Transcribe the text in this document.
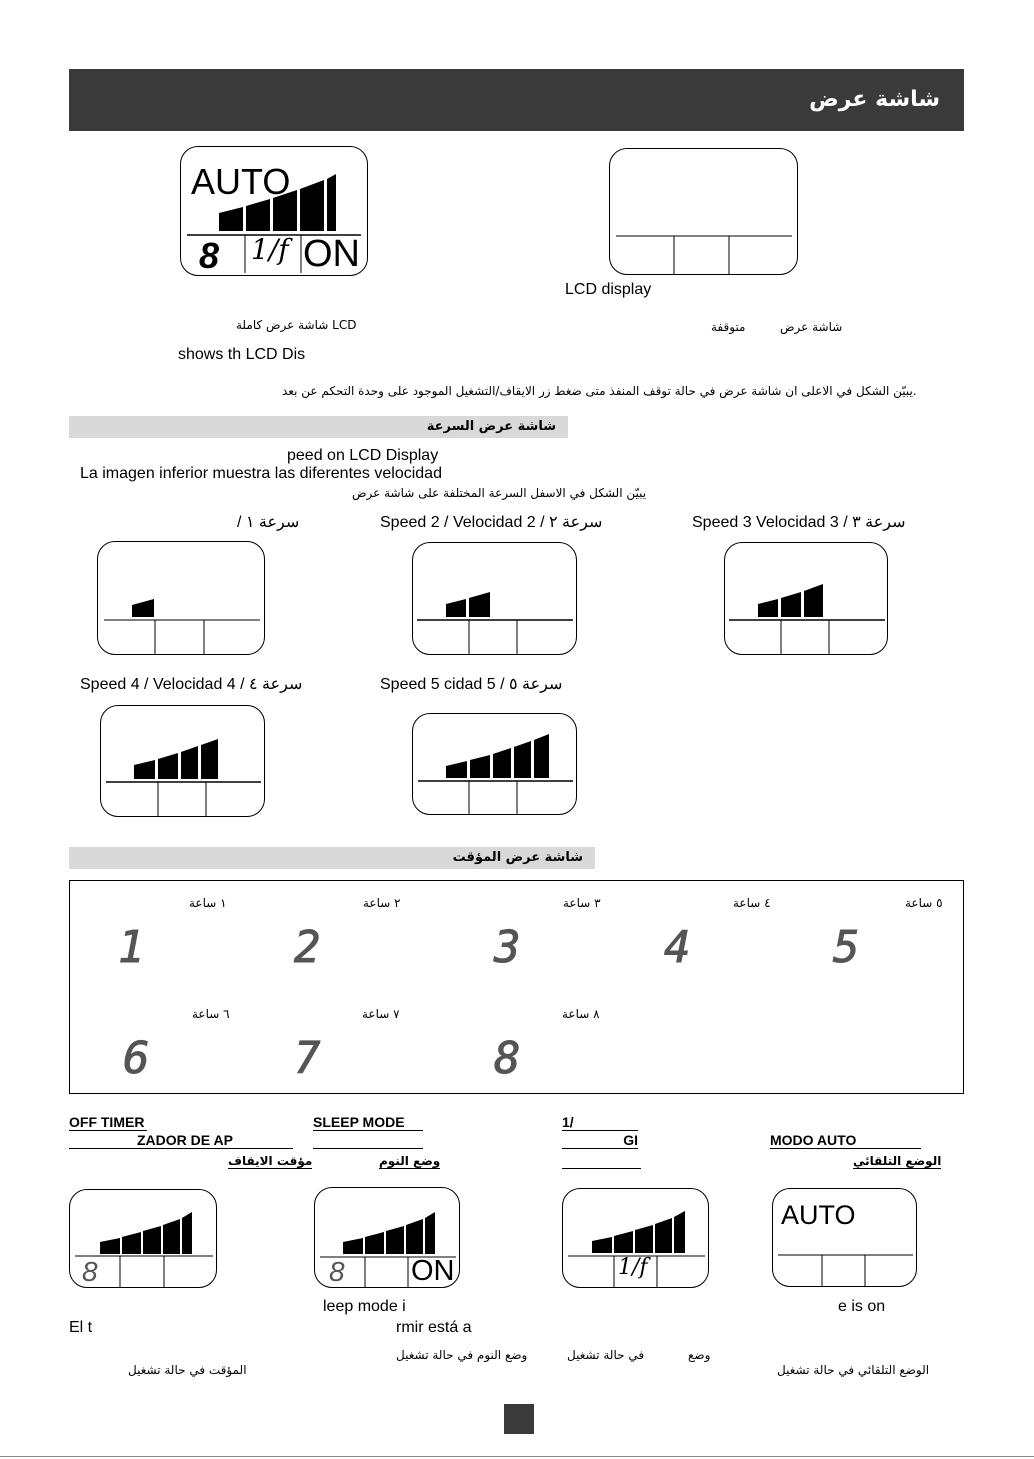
شاشة عرض
AUTO
8 1/f ON
LCD display
شاشة عرض كاملة LCD	شاشة عرض
متوقفة
shows th LCD Dis
يبيّن الشكل في الاعلى ان شاشة عرض في حالة توقف المنفذ متى ضغط زر الايقاف/التشغيل الموجود على وحدة التحكم عن بعد.
شاشة عرض السرعة
peed on LCD Display
La imagen inferior muestra las diferentes velocidad
يبيّن الشكل في الاسفل السرعة المختلفة على شاشة عرض
/ سرعة ١	Speed 2 / Velocidad 2 / سرعة ٢	Speed 3 Velocidad 3 / سرعة ٣
Speed 4 / Velocidad 4 / سرعة ٤	Speed 5 cidad 5 / سرعة ٥
شاشة عرض المؤقت
١ ساعة	٢ ساعة	٣ ساعة	٤ ساعة	٥ ساعة
٦ ساعة	٧ ساعة	٨ ساعة
1	2	3	4	5
6	7	8
OFF TIMER
ZADOR DE AP
مؤقت الايقاف
SLEEP MODE
وضع النوم
1/
GI	MODO AUTO
الوضع التلقائي
8	8 ON	1/f
AUTO
leep mode i	e is on
El t	rmir está a
وضع النوم في حالة تشغيل	في حالة تشغيل	وضع
المؤقت في حالة تشغيل	الوضع التلقائي في حالة تشغيل
